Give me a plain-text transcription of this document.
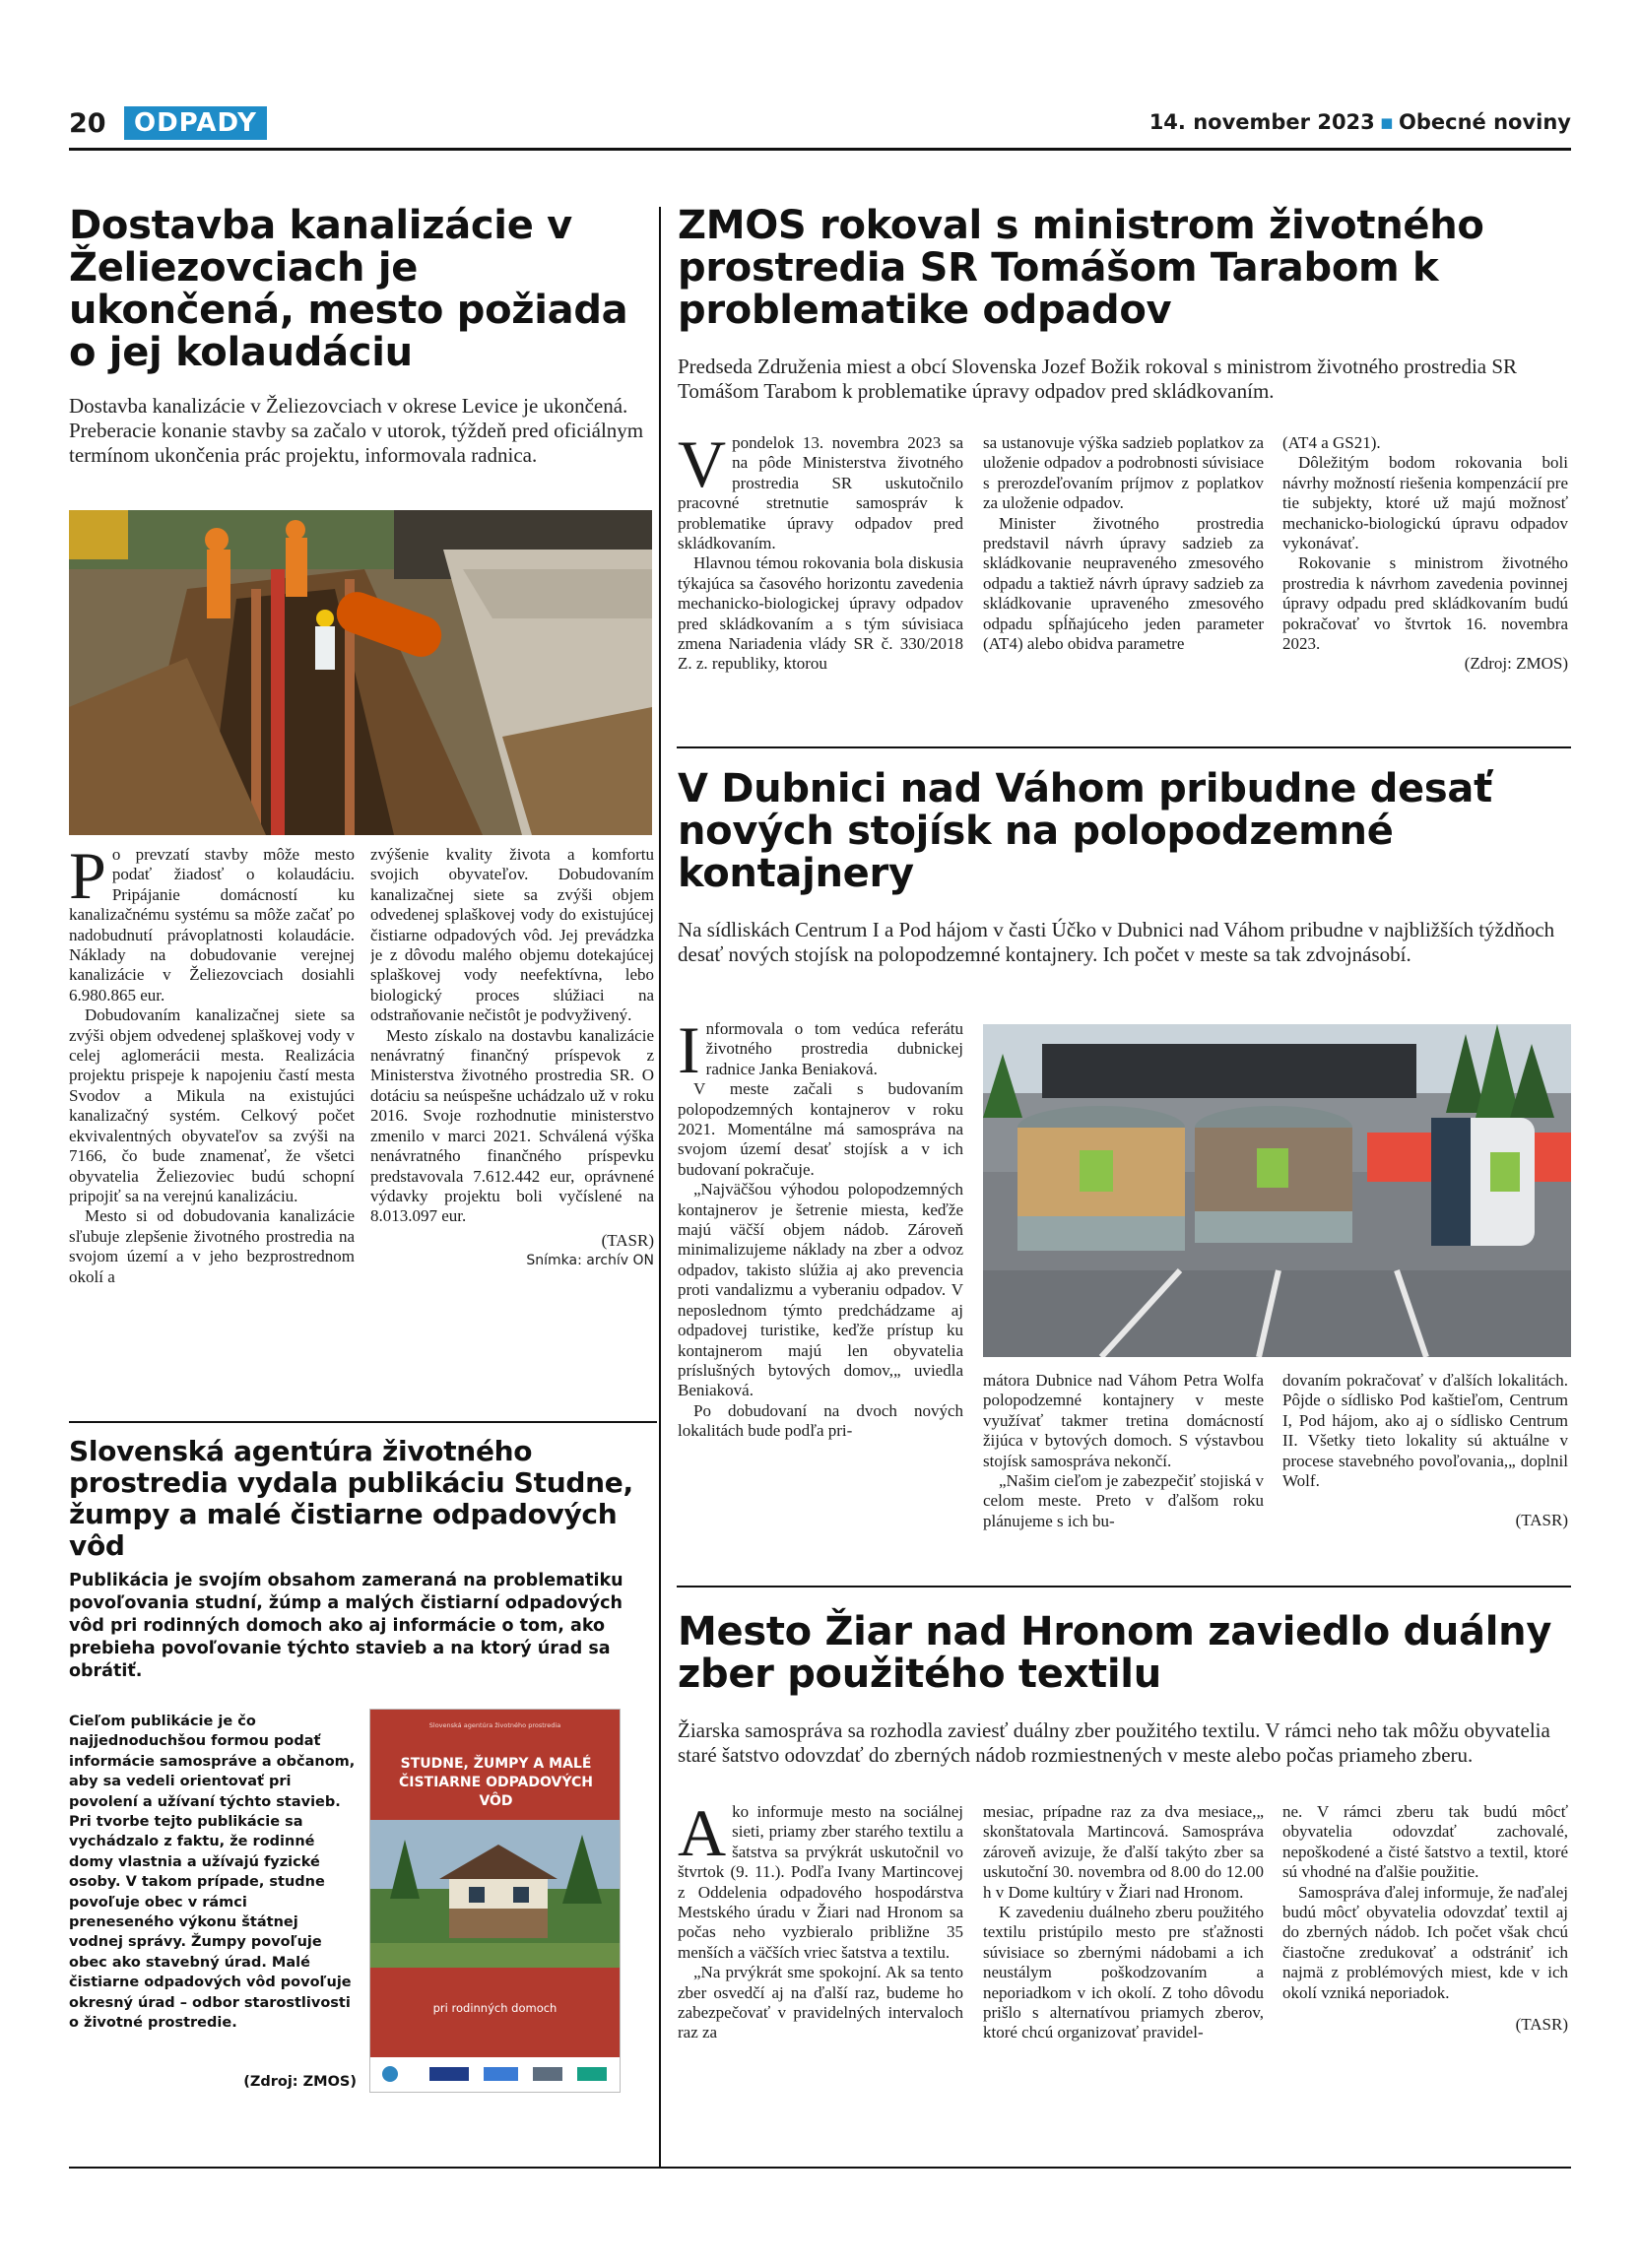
20	ODPADY	14. november 2023 ▪ Obecné noviny
Dostavba kanalizácie v Želiezovciach je ukončená, mesto požiada o jej kolaudáciu

Dostavba kanalizácie v Želiezovciach v okrese Levice je ukončená. Preberacie konanie stavby sa začalo v utorok, týždeň pred oficiálnym termínom ukončenia prác projektu, informovala radnica.

Po prevzatí stavby môže mesto podať žiadosť o kolaudáciu. Pripájanie domácností ku kanalizačnému systému sa môže začať po nadobudnutí právoplatnosti kolaudácie. Náklady na dobudovanie verejnej kanalizácie v Želiezovciach dosiahli 6.980.865 eur.

Dobudovaním kanalizačnej siete sa zvýši objem odvedenej splaškovej vody v celej aglomerácii mesta. Realizácia projektu prispeje k napojeniu častí mesta Svodov a Mikula na existujúci kanalizačný systém. Celkový počet ekvivalentných obyvateľov sa zvýši na 7166, čo bude znamenať, že všetci obyvatelia Želiezoviec budú schopní pripojiť sa na verejnú kanalizáciu.

Mesto si od dobudovania kanalizácie sľubuje zlepšenie životného prostredia na svojom území a v jeho bezprostrednom okolí a

zvýšenie kvality života a komfortu svojich obyvateľov. Dobudovaním kanalizačnej siete sa zvýši objem odvedenej splaškovej vody do existujúcej čistiarne odpadových vôd. Jej prevádzka je z dôvodu malého objemu dotekajúcej splaškovej vody neefektívna, lebo biologický proces slúžiaci na odstraňovanie nečistôt je podvyživený.

Mesto získalo na dostavbu kanalizácie nenávratný finančný príspevok z Ministerstva životného prostredia SR. O dotáciu sa neúspešne uchádzalo už v roku 2016. Svoje rozhodnutie ministerstvo zmenilo v marci 2021. Schválená výška nenávratného finančného príspevku predstavovala 7.612.442 eur, oprávnené výdavky projektu boli vyčíslené na 8.013.097 eur.

(TASR)

Snímka: archív ON

ZMOS rokoval s ministrom životného prostredia SR Tomášom Tarabom k problematike odpadov

Predseda Združenia miest a obcí Slovenska Jozef Božik rokoval s ministrom životného prostredia SR Tomášom Tarabom k problematike úpravy odpadov pred skládkovaním.

Vpondelok 13. novembra 2023 sa na pôde Ministerstva životného prostredia SR uskutočnilo pracovné stretnutie samospráv k problematike úpravy odpadov pred skládkovaním.

Hlavnou témou rokovania bola diskusia týkajúca sa časového horizontu zavedenia mechanicko-biologickej úpravy odpadov pred skládkovaním a s tým súvisiaca zmena Nariadenia vlády SR č. 330/2018 Z. z. republiky, ktorou

sa ustanovuje výška sadzieb poplatkov za uloženie odpadov a podrobnosti súvisiace s prerozdeľovaním príjmov z poplatkov za uloženie odpadov.

Minister životného prostredia predstavil návrh úpravy sadzieb za skládkovanie neupraveného zmesového odpadu a taktiež návrh úpravy sadzieb za skládkovanie upraveného zmesového odpadu spĺňajúceho jeden parameter (AT4) alebo obidva parametre

(AT4 a GS21).

Dôležitým bodom rokovania boli návrhy možností riešenia kompenzácií pre tie subjekty, ktoré už majú možnosť mechanicko-biologickú úpravu odpadov vykonávať.

Rokovanie s ministrom životného prostredia k návrhom zavedenia povinnej úpravy odpadu pred skládkovaním budú pokračovať vo štvrtok 16. novembra 2023.

(Zdroj: ZMOS)

V Dubnici nad Váhom pribudne desať nových stojísk na polopodzemné kontajnery

Na sídliskách Centrum I a Pod hájom v časti Účko v Dubnici nad Váhom pribudne v najbližších týždňoch desať nových stojísk na polopodzemné kontajnery. Ich počet v meste sa tak zdvojnásobí.

Informovala o tom vedúca referátu životného prostredia dubnickej radnice Janka Beniaková.

V meste začali s budovaním polopodzemných kontajnerov v roku 2021. Momentálne má samospráva na svojom území desať stojísk a v ich budovaní pokračuje.

„Najväčšou výhodou polopodzemných kontajnerov je šetrenie miesta, keďže majú väčší objem nádob. Zároveň minimalizujeme náklady na zber a odvoz odpadov, takisto slúžia aj ako prevencia proti vandalizmu a vyberaniu odpadov. V neposlednom týmto predchádzame aj odpadovej turistike, keďže prístup ku kontajnerom majú len obyvatelia príslušných bytových domov,„ uviedla Beniaková.

Po dobudovaní na dvoch nových lokalitách bude podľa pri-

mátora Dubnice nad Váhom Petra Wolfa polopodzemné kontajnery v meste využívať takmer tretina domácností žijúca v bytových domoch. S výstavbou stojísk samospráva nekončí.

„Našim cieľom je zabezpečiť stojiská v celom meste. Preto v ďalšom roku plánujeme s ich bu-

dovaním pokračovať v ďalších lokalitách. Pôjde o sídlisko Pod kaštieľom, Centrum I, Pod hájom, ako aj o sídlisko Centrum II. Všetky tieto lokality sú aktuálne v procese stavebného povoľovania,„ doplnil Wolf.

(TASR)

Slovenská agentúra životného prostredia vydala publikáciu Studne, žumpy a malé čistiarne odpadových vôd

Publikácia je svojím obsahom zameraná na problematiku povoľovania studní, žúmp a malých čistiarní odpadových vôd pri rodinných domoch ako aj informácie o tom, ako prebieha povoľovanie týchto stavieb a na ktorý úrad sa obrátiť.

Cieľom publikácie je čo najjednoduchšou formou podať informácie samospráve a občanom, aby sa vedeli orientovať pri povolení a užívaní týchto stavieb. Pri tvorbe tejto publikácie sa vychádzalo z faktu, že rodinné domy vlastnia a užívajú fyzické osoby. V takom prípade, studne povoľuje obec v rámci preneseného výkonu štátnej vodnej správy. Žumpy povoľuje obec ako stavebný úrad. Malé čistiarne odpadových vôd povoľuje okresný úrad – odbor starostlivosti o životné prostredie.

(Zdroj: ZMOS)

Slovenská agentúra životného prostredia
STUDNE, ŽUMPY A MALÉ ČISTIARNE ODPADOVÝCH VÔD
pri rodinných domoch
Mesto Žiar nad Hronom zaviedlo duálny zber použitého textilu

Žiarska samospráva sa rozhodla zaviesť duálny zber použitého textilu. V rámci neho tak môžu obyvatelia staré šatstvo odovzdať do zberných nádob rozmiestnených v meste alebo počas priameho zberu.

Ako informuje mesto na sociálnej sieti, priamy zber starého textilu a šatstva sa prvýkrát uskutočnil vo štvrtok (9. 11.). Podľa Ivany Martincovej z Oddelenia odpadového hospodárstva Mestského úradu v Žiari nad Hronom sa počas neho vyzbieralo približne 35 menších a väčších vriec šatstva a textilu.

„Na prvýkrát sme spokojní. Ak sa tento zber osvedčí aj na ďalší raz, budeme ho zabezpečovať v pravidelných intervaloch raz za

mesiac, prípadne raz za dva mesiace,„ skonštatovala Martincová. Samospráva zároveň avizuje, že ďalší takýto zber sa uskutoční 30. novembra od 8.00 do 12.00 h v Dome kultúry v Žiari nad Hronom.

K zavedeniu duálneho zberu použitého textilu pristúpilo mesto pre sťažnosti súvisiace so zbernými nádobami a ich neustálym poškodzovaním a neporiadkom v ich okolí. Z toho dôvodu prišlo s alternatívou priamych zberov, ktoré chcú organizovať pravidel-

ne. V rámci zberu tak budú môcť obyvatelia odovzdať zachovalé, nepoškodené a čisté šatstvo a textil, ktoré sú vhodné na ďalšie použitie.

Samospráva ďalej informuje, že naďalej budú môcť obyvatelia odovzdať textil aj do zberných nádob. Ich počet však chcú čiastočne zredukovať a odstrániť ich najmä z problémových miest, kde v ich okolí vzniká neporiadok.

(TASR)
